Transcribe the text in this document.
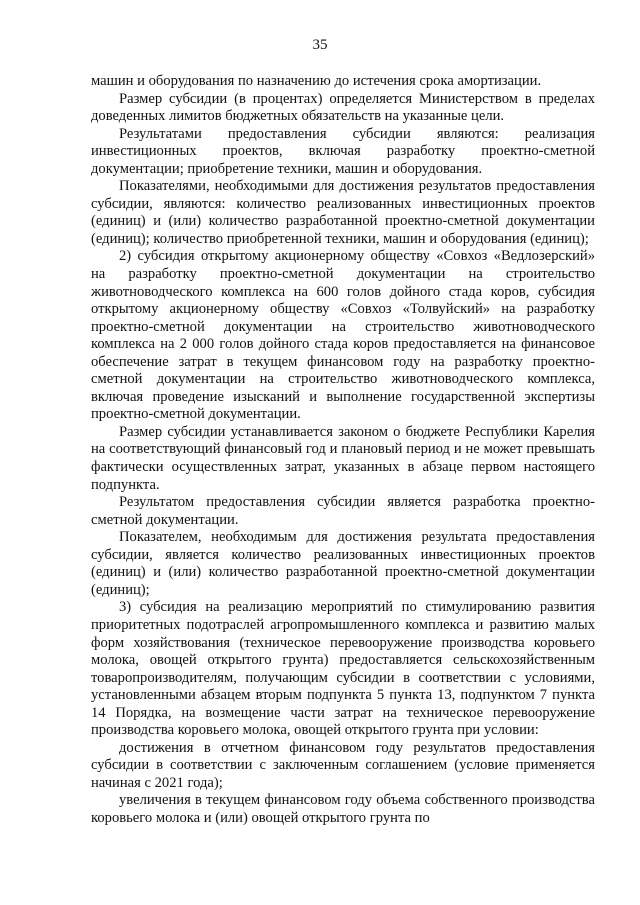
35

машин и оборудования по назначению до истечения срока амортизации.

Размер субсидии (в процентах) определяется Министерством в пределах доведенных лимитов бюджетных обязательств на указанные цели.

Результатами предоставления субсидии являются: реализация инвестиционных проектов, включая разработку проектно-сметной документации; приобретение техники, машин и оборудования.

Показателями, необходимыми для достижения результатов предоставления субсидии, являются: количество реализованных инвестиционных проектов (единиц) и (или) количество разработанной проектно-сметной документации (единиц); количество приобретенной техники, машин и оборудования (единиц);

2) субсидия открытому акционерному обществу «Совхоз «Ведлозерский» на разработку проектно-сметной документации на строительство животноводческого комплекса на 600 голов дойного стада коров, субсидия открытому акционерному обществу «Совхоз «Толвуйский» на разработку проектно-сметной документации на строительство животноводческого комплекса на 2 000 голов дойного стада коров предоставляется на финансовое обеспечение затрат в текущем финансовом году на разработку проектно-сметной документации на строительство животноводческого комплекса, включая проведение изысканий и выполнение государственной экспертизы проектно-сметной документации.

Размер субсидии устанавливается законом о бюджете Республики Карелия на соответствующий финансовый год и плановый период и не может превышать фактически осуществленных затрат, указанных в абзаце первом настоящего подпункта.

Результатом предоставления субсидии является разработка проектно-сметной документации.

Показателем, необходимым для достижения результата предоставления субсидии, является количество реализованных инвестиционных проектов (единиц) и (или) количество разработанной проектно-сметной документации (единиц);

3) субсидия на реализацию мероприятий по стимулированию развития приоритетных подотраслей агропромышленного комплекса и развитию малых форм хозяйствования (техническое перевооружение производства коровьего молока, овощей открытого грунта) предоставляется сельскохозяйственным товаропроизводителям, получающим субсидии в соответствии с условиями, установленными абзацем вторым подпункта 5 пункта 13, подпунктом 7 пункта 14 Порядка, на возмещение части затрат на техническое перевооружение производства коровьего молока, овощей открытого грунта при условии:

достижения в отчетном финансовом году результатов предоставления субсидии в соответствии с заключенным соглашением (условие применяется начиная с 2021 года);

увеличения в текущем финансовом году объема собственного производства коровьего молока и (или) овощей открытого грунта по
